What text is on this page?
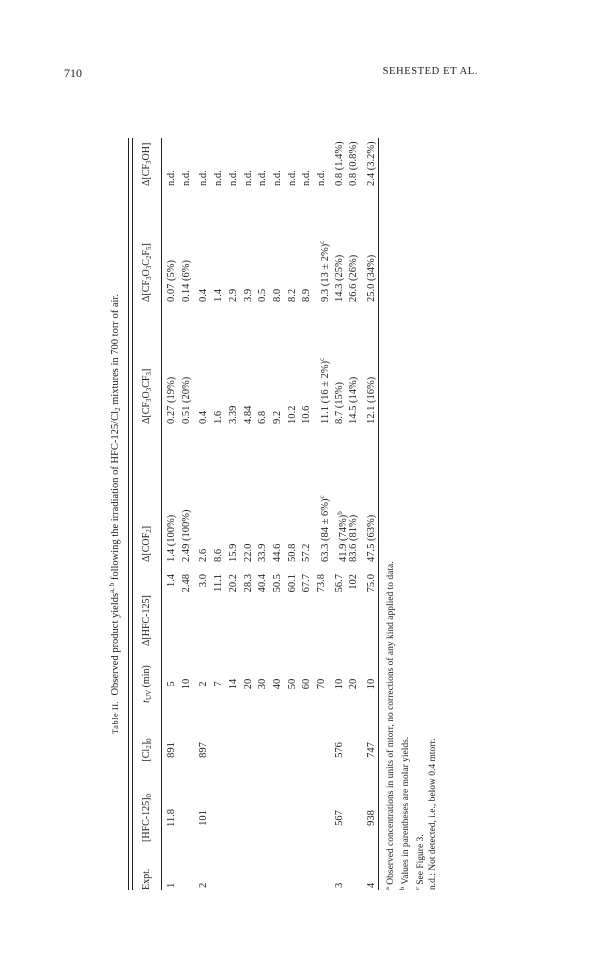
710	SEHESTED ET AL.
Table II.  Observed product yields$^{a, b}$ following the irradiation of HFC-$125/Cl_2$ mixtures in 700 torr of air.
Expt.
$[HFC-125]_0$
$[Cl_2]_0$
$t_{UV}$ (min)
Δ[HFC-125]
$\Delta[COF_2]$
$\Delta[CF_3O_3CF_3]$
$\Delta[CF_3O_3C_2F_5]$
$\Delta[CF_3OH]$
1
11.8
891
5
1.4
1.4 (100%)
0.27 (19%)
0.07 (5%)
n.d.
10
2.48
2.49 (100%)
0.51 (20%)
0.14 (6%)
n.d.
2
101
897
2
3.0
2.6
0.4
0.4
n.d.
7
11.1
8.6
1.6
1.4
n.d.
14
20.2
15.9
3.39
2.9
n.d.
20
28.3
22.0
4.84
3.9
n.d.
30
40.4
33.9
6.8
0.5
n.d.
40
50.5
44.6
9.2
8.0
n.d.
50
60.1
50.8
10.2
8.2
n.d.
60
67.7
57.2
10.6
8.9
n.d.
70
73.8
63.3 $(84 \pm 6\%)^c$
11.1 $(16 \pm 2\%)^c$
9.3 $(13 \pm 2\%)^c$
n.d.
3
567
576
10
56.7
41.9 $(74\%)^b$
8.7 (15%)
14.3 (25%)
0.8 (1.4%)
20
102
83.6 (81%)
14.5 (14%)
26.6 (26%)
0.8 (0.8%)
4
938
747
10
75.0
47.5 (63%)
12.1 (16%)
25.0 (34%)
2.4 (3.2%)
$^a$ Observed concentrations in units of mtorr, no corrections of any kind applied to data.
$^b$ Values in parentheses are molar yields.
$^c$ See Figure 3. n.d.: Not detected, i.e., below 0.4 mtorr.
